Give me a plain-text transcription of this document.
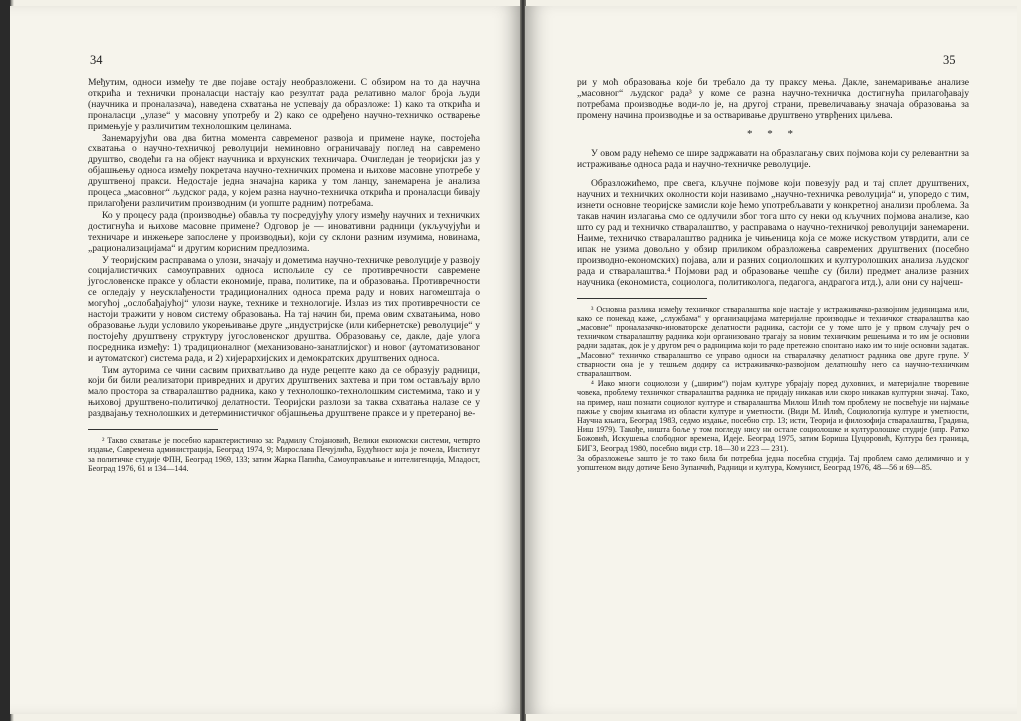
34

Међутим, односи између те две појаве остају необразложени. С обзиром на то да научна открића и технички проналасци настају као резултат рада релативно малог броја људи (научника и проналазача), наведена схватања не успевају да образложе: 1) како та открића и проналасци „улазе“ у масовну употребу и 2) како се одређено научно-техничко остварење примењује у различитим технолошким целинама.

Занемарујући ова два битна момента савременог развоја и примене науке, постојећа схватања о научно-техничкој револуцији неминовно ограничавају поглед на савремено друштво, сводећи га на објект научника и врхунских техничара. Очигледан је теоријски јаз у објашњењу односа између покретача научно-техничких промена и њихове масовне употребе у друштвеној пракси. Недостаје једна значајна карика у том ланцу, занемарена је анализа процеса „масовног“ људског рада, у којем разна научно-техничка открића и проналасци бивају прилагођени различитим производним (и уопште радним) потребама.

Ко у процесу рада (производње) обавља ту посредујућу улогу између научних и техничких достигнућа и њихове масовне примене? Одговор је — иновативни радници (укључујући и техничаре и инжењере запослене у производњи), који су склони разним изумима, новинама, „рационализацијама“ и другим корисним предлозима.

У теоријским расправама о улози, значају и дометима научно-техничке револуције у развоју социјалистичких самоуправних односа испољиле су се противречности савремене југословенске праксе у области економије, права, политике, па и образовања. Противречности се огледају у неусклађености традиционалних односа према раду и нових нагомештаја о могућој „ослобађајућој“ улози науке, технике и технологије. Излаз из тих противречности се настоји тражити у новом систему образовања. На тај начин би, према овим схватањима, ново образовање људи условило укорењивање друге „индустријске (или кибернетске) револуције“ у постојећу друштвену структуру југословенског друштва. Образовању се, дакле, даје улога посредника између: 1) традиционалног (механизовано-занатлијског) и новог (аутоматизованог и аутоматског) система рада, и 2) хијерархијских и демократских друштвених односа.

Тим ауторима се чини сасвим прихватљиво да нуде рецепте како да се образују радници, који би били реализатори привредних и других друштвених захтева и при том остављају врло мало простора за стваралаштво радника, како у технолошко-технолошким системима, тако и у њиховој друштвено-политичкој делатности. Теоријски разлози за таква схватања налазе се у раздвајању технолошких и детерминистичког објашњења друштвене праксе и у претераној ве-

² Такво схватање је посебно карактеристично за: Радмилу Стојановић, Велики економски системи, четврто издање, Савремена администрација, Београд 1974, 9; Мирослава Печујлића, Будућност која је почела, Институт за политичке студије ФПН, Београд 1969, 133; затим Жарка Папића, Самоуправљање и интелигенција, Младост, Београд 1976, 61 и 134—144.

35

ри у моћ образовања које би требало да ту праксу мења. Дакле, занемаривање анализе „масовног“ људског рада³ у коме се разна научно-техничка достигнућа прилагођавају потребама производње води-ло је, на другој страни, превеличавању значаја образовања за промену начина производње и за остваривање друштвено утврђених циљева.

* * *

У овом раду нећемо се шире задржавати на образлагању свих појмова који су релевантни за истраживање односа рада и научно-техничке револуције.

Образложићемо, пре свега, кључне појмове који повезују рад и тај сплет друштвених, научних и техничких околности који називамо „научно-техничка револуција“ и, упоредо с тим, изнети основне теоријске замисли које ћемо употребљавати у конкретној анализи проблема. За такав начин излагања смо се одлучили због тога што су неки од кључних појмова анализе, као што су рад и техничко стваралаштво, у расправама о научно-техничкој револуцији занемарени. Наиме, техничко стваралаштво радника је чињеница која се може искуством утврдити, али се ипак не узима довољно у обзир приликом образложења савремених друштвених (посебно производно-економских) појава, али и разних социолошких и културолошких анализа људског рада и стваралаштва.⁴ Појмови рад и образовање чешће су (били) предмет анализе разних научника (економиста, социолога, политиколога, педагога, андрагога итд.), али они су најчеш-

³ Основна разлика између техничког стваралаштва које настаје у истраживачко-развојним јединицама или, како се понекад каже, „службама“ у организацијама материјалне производње и техничког стваралаштва као „масовне“ проналазачко-иноваторске делатности радника, састоји се у томе што је у првом случају реч о техничком стваралаштву радника који организовано трагају за новим техничким решењима и то им је основни радни задатак, док је у другом реч о радницима који то раде претежно спонтано иако им то није основни задатак. „Масовно“ техничко стваралаштво се управо односи на стваралачку делатност радника ове друге групе. У стварности она је у тешњем додиру са истраживачко-развојном делатношћу него са научно-техничким стваралаштвом.

⁴ Иако многи социолози у („ширим“) појам културе убрајају поред духовних, и материјалне творевине човека, проблему техничког стваралаштва радника не придају никакав или скоро никакав културни значај. Тако, на пример, наш познати социолог културе и стваралаштва Милош Илић том проблему не посвећује ни најмање пажње у својим књигама из области културе и уметности. (Види М. Илић, Социологија културе и уметности, Научна књига, Београд 1983, седмо издање, посебно стр. 13; исти, Теорија и филозофија стваралаштва, Градина, Ниш 1979). Такође, ништа боље у том погледу нису ни остале социолошке и културолошке студије (нпр. Ратко Божовић, Искушења слободног времена, Идеје. Београд 1975, затим Бориша Цуцоровић, Култура без граница, БИГЗ, Београд 1980, посебно види стр. 18—30 и 223 — 231).

За образложење зашто је то тако била би потребна једна посебна студија. Тај проблем само делимично и у уопштеном виду дотиче Бено Зупанчић, Радници и култура, Комунист, Београд 1976, 48—56 и 69—85.
